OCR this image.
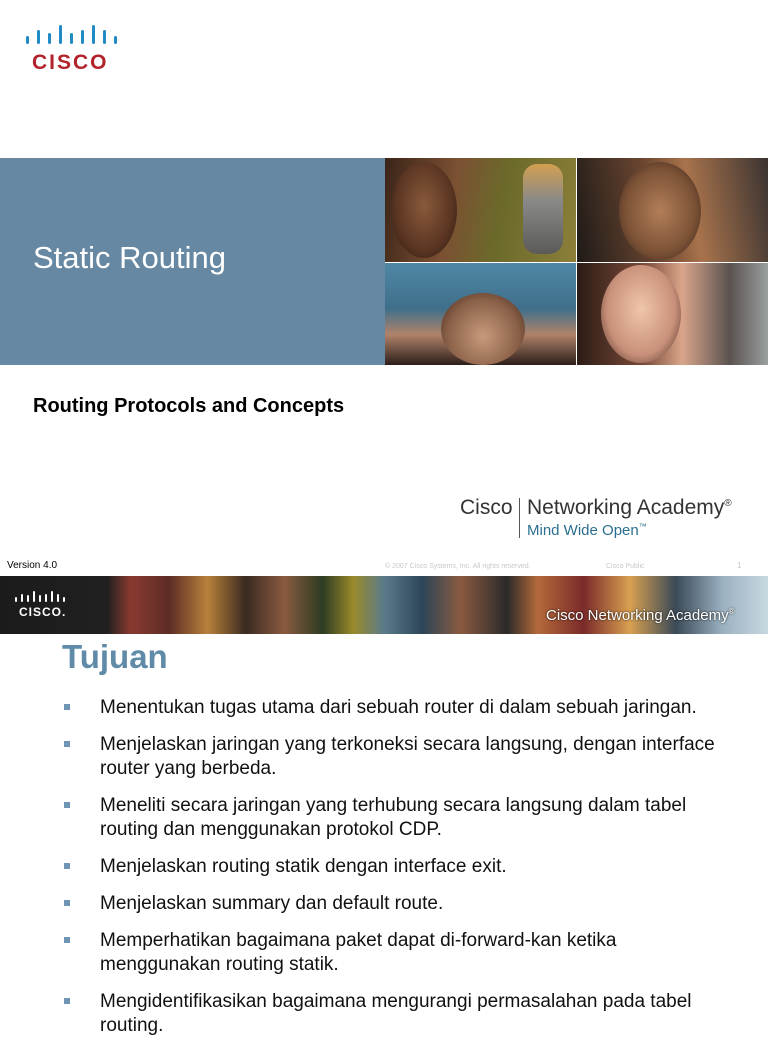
CISCO
Static Routing
Routing Protocols and Concepts
Cisco Networking Academy®
Mind Wide Open™
Version 4.0	© 2007 Cisco Systems, Inc. All rights reserved.	Cisco Public	1
CISCO.	Cisco Networking Academy®
Tujuan
Menentukan tugas utama dari sebuah router di dalam sebuah jaringan.
Menjelaskan jaringan yang terkoneksi secara langsung, dengan interface router yang berbeda.
Meneliti secara jaringan yang terhubung secara langsung dalam tabel routing dan menggunakan protokol CDP.
Menjelaskan routing statik dengan interface exit.
Menjelaskan summary dan default route.
Memperhatikan bagaimana paket dapat di-forward-kan ketika menggunakan routing statik.
Mengidentifikasikan bagaimana mengurangi permasalahan pada tabel routing.
